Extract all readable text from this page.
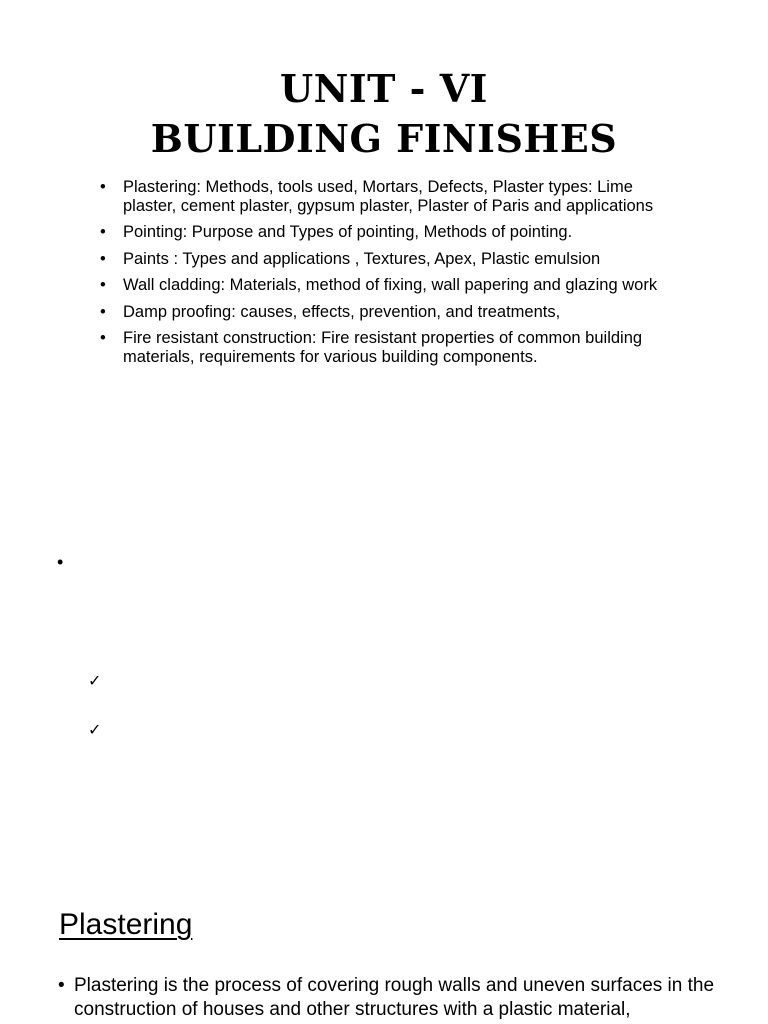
UNIT - VI
BUILDING FINISHES
• Plastering: Methods, tools used, Mortars, Defects, Plaster types: Lime plaster, cement plaster, gypsum plaster, Plaster of Paris and applications
• Pointing: Purpose and Types of pointing, Methods of pointing.
• Paints : Types and applications , Textures, Apex, Plastic emulsion
• Wall cladding: Materials, method of fixing, wall papering and glazing work
• Damp proofing: causes, effects, prevention, and treatments,
• Fire resistant construction: Fire resistant properties of common building materials, requirements for various building components.
•
✓
✓
Plastering
• Plastering is the process of covering rough walls and uneven surfaces in the construction of houses and other structures with a plastic material,
